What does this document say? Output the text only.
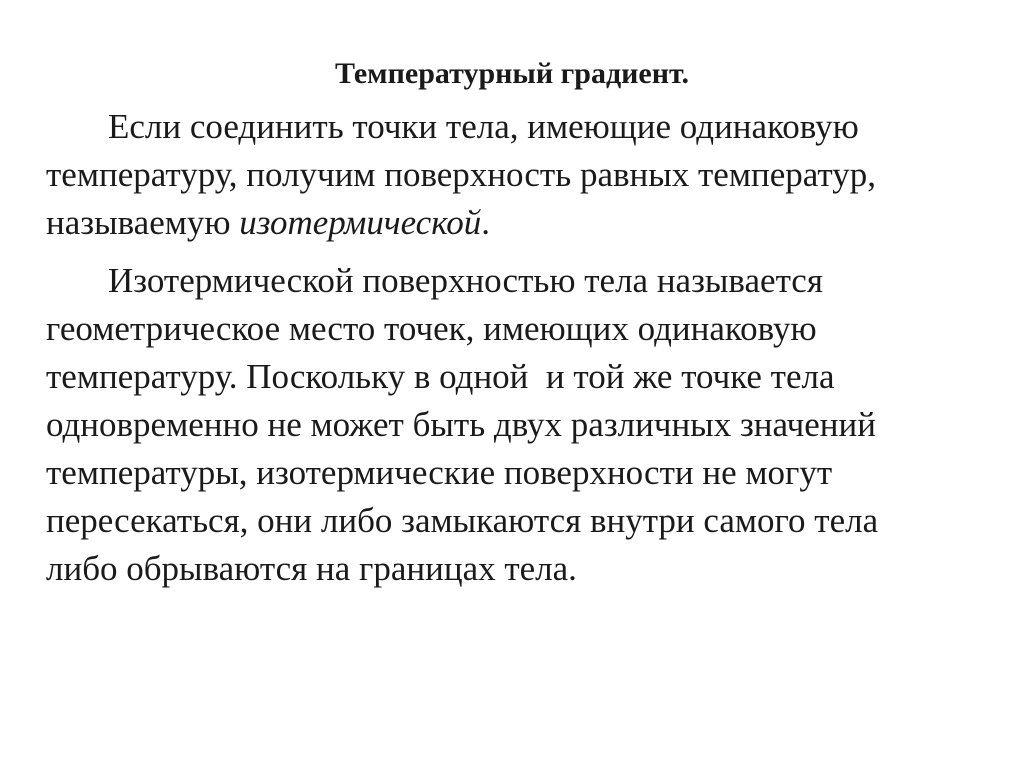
Температурный градиент.
Если соединить точки тела, имеющие одинаковую
температуру, получим поверхность равных температур,
называемую изотермической.
Изотермической поверхностью тела называется
геометрическое место точек, имеющих одинаковую
температуру. Поскольку в одной  и той же точке тела
одновременно не может быть двух различных значений
температуры, изотермические поверхности не могут
пересекаться, они либо замыкаются внутри самого тела
либо обрываются на границах тела.
